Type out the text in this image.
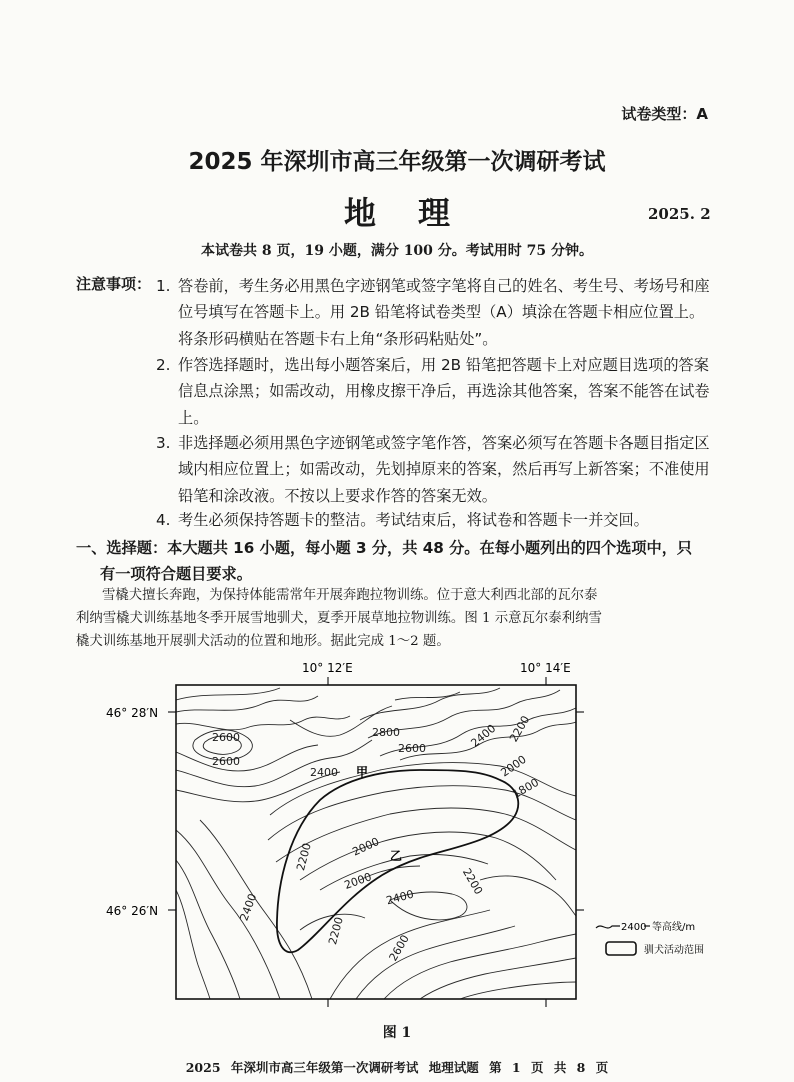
试卷类型：A
2025 年深圳市高三年级第一次调研考试
地理	2025. 2
本试卷共 8 页，19 小题，满分 100 分。考试用时 75 分钟。
注意事项： 1. 答卷前，考生务必用黑色字迹钢笔或签字笔将自己的姓名、考生号、考场号和座位号填写在答题卡上。用 2B 铅笔将试卷类型（A）填涂在答题卡相应位置上。将条形码横贴在答题卡右上角“条形码粘贴处”。
2. 作答选择题时，选出每小题答案后，用 2B 铅笔把答题卡上对应题目选项的答案信息点涂黑；如需改动，用橡皮擦干净后，再选涂其他答案，答案不能答在试卷上。
3. 非选择题必须用黑色字迹钢笔或签字笔作答，答案必须写在答题卡各题目指定区域内相应位置上；如需改动，先划掉原来的答案，然后再写上新答案；不准使用铅笔和涂改液。不按以上要求作答的答案无效。
4. 考生必须保持答题卡的整洁。考试结束后，将试卷和答题卡一并交回。
一、选择题：本大题共 16 小题，每小题 3 分，共 48 分。在每小题列出的四个选项中，只
有一项符合题目要求。
雪橇犬擅长奔跑，为保持体能需常年开展奔跑拉物训练。位于意大利西北部的瓦尔泰
利纳雪橇犬训练基地冬季开展雪地驯犬，夏季开展草地拉物训练。图 1 示意瓦尔泰利纳雪
橇犬训练基地开展驯犬活动的位置和地形。据此完成 1～2 题。
10° 12′E	10° 14′E
46° 28′N
46° 26′N
2600
2600
2800
2600	2400 2200
2000
1800
2400
2200	2000
2000
2400
2200
2400
2200
2600
甲
乙
2400 等高线/m
驯犬活动范围
图 1
2025 年深圳市高三年级第一次调研考试 地理试题 第 1 页 共 8 页
